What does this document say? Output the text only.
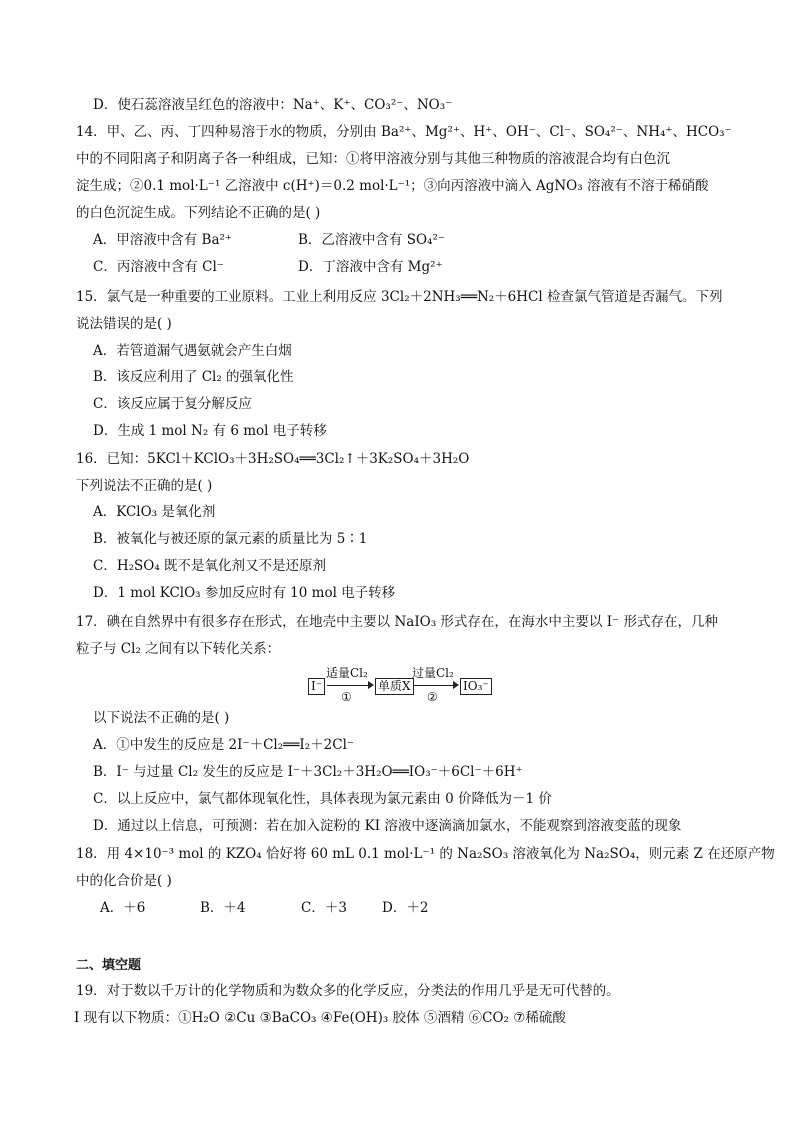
D．使石蕊溶液呈红色的溶液中：Na⁺、K⁺、CO₃²⁻、NO₃⁻
14．甲、乙、丙、丁四种易溶于水的物质，分别由 Ba²⁺、Mg²⁺、H⁺、OH⁻、Cl⁻、SO₄²⁻、NH₄⁺、HCO₃⁻
中的不同阳离子和阴离子各一种组成，已知：①将甲溶液分别与其他三种物质的溶液混合均有白色沉
淀生成；②0.1 mol·L⁻¹ 乙溶液中 c(H⁺)＝0.2 mol·L⁻¹；③向丙溶液中滴入 AgNO₃ 溶液有不溶于稀硝酸
的白色沉淀生成。下列结论不正确的是( )
A．甲溶液中含有 Ba²⁺	B．乙溶液中含有 SO₄²⁻
C．丙溶液中含有 Cl⁻	D．丁溶液中含有 Mg²⁺
15．氯气是一种重要的工业原料。工业上利用反应 3Cl₂＋2NH₃══N₂＋6HCl 检查氯气管道是否漏气。下列
说法错误的是( )
A．若管道漏气遇氨就会产生白烟
B．该反应利用了 Cl₂ 的强氧化性
C．该反应属于复分解反应
D．生成 1 mol N₂ 有 6 mol 电子转移
16．已知：5KCl＋KClO₃＋3H₂SO₄══3Cl₂↑＋3K₂SO₄＋3H₂O
下列说法不正确的是( )
A．KClO₃ 是氧化剂
B．被氧化与被还原的氯元素的质量比为 5∶1
C．H₂SO₄ 既不是氧化剂又不是还原剂
D．1 mol KClO₃ 参加反应时有 10 mol 电子转移
17．碘在自然界中有很多存在形式，在地壳中主要以 NaIO₃ 形式存在，在海水中主要以 I⁻ 形式存在，几种
粒子与 Cl₂ 之间有以下转化关系：
I⁻
适量Cl₂
①
单质X
过量Cl₂
②
IO₃⁻
以下说法不正确的是( )
A．①中发生的反应是 2I⁻＋Cl₂══I₂＋2Cl⁻
B．I⁻ 与过量 Cl₂ 发生的反应是 I⁻＋3Cl₂＋3H₂O══IO₃⁻＋6Cl⁻＋6H⁺
C．以上反应中，氯气都体现氧化性，具体表现为氯元素由 0 价降低为－1 价
D．通过以上信息，可预测：若在加入淀粉的 KI 溶液中逐滴滴加氯水，不能观察到溶液变蓝的现象
18．用 4×10⁻³ mol 的 KZO₄ 恰好将 60 mL 0.1 mol·L⁻¹ 的 Na₂SO₃ 溶液氧化为 Na₂SO₄，则元素 Z 在还原产物
中的化合价是( )
A．＋6	B．＋4	C．＋3	D．＋2
二、填空题
19．对于数以千万计的化学物质和为数众多的化学反应，分类法的作用几乎是无可代替的。
Ⅰ 现有以下物质：①H₂O ②Cu ③BaCO₃ ④Fe(OH)₃ 胶体 ⑤酒精 ⑥CO₂ ⑦稀硫酸
